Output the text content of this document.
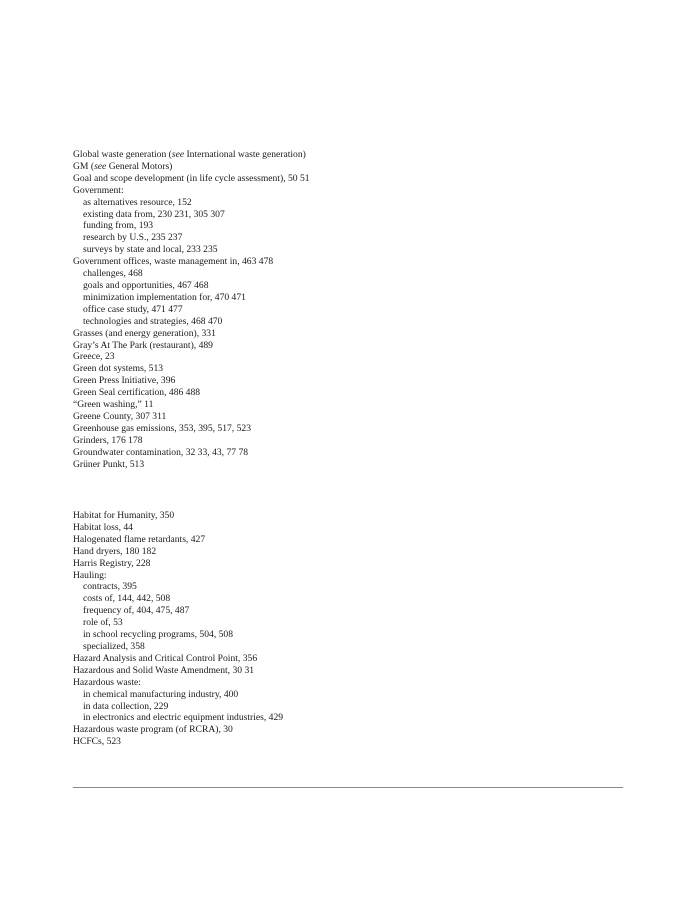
Global waste generation (see International waste generation)
GM (see General Motors)
Goal and scope development (in life cycle assessment), 50 51
Government:
as alternatives resource, 152
existing data from, 230 231, 305 307
funding from, 193
research by U.S., 235 237
surveys by state and local, 233 235
Government offices, waste management in, 463 478
challenges, 468
goals and opportunities, 467 468
minimization implementation for, 470 471
office case study, 471 477
technologies and strategies, 468 470
Grasses (and energy generation), 331
Gray’s At The Park (restaurant), 489
Greece, 23
Green dot systems, 513
Green Press Initiative, 396
Green Seal certification, 486 488
“Green washing,” 11
Greene County, 307 311
Greenhouse gas emissions, 353, 395, 517, 523
Grinders, 176 178
Groundwater contamination, 32 33, 43, 77 78
Grüner Punkt, 513
Habitat for Humanity, 350
Habitat loss, 44
Halogenated flame retardants, 427
Hand dryers, 180 182
Harris Registry, 228
Hauling:
contracts, 395
costs of, 144, 442, 508
frequency of, 404, 475, 487
role of, 53
in school recycling programs, 504, 508
specialized, 358
Hazard Analysis and Critical Control Point, 356
Hazardous and Solid Waste Amendment, 30 31
Hazardous waste:
in chemical manufacturing industry, 400
in data collection, 229
in electronics and electric equipment industries, 429
Hazardous waste program (of RCRA), 30
HCFCs, 523
